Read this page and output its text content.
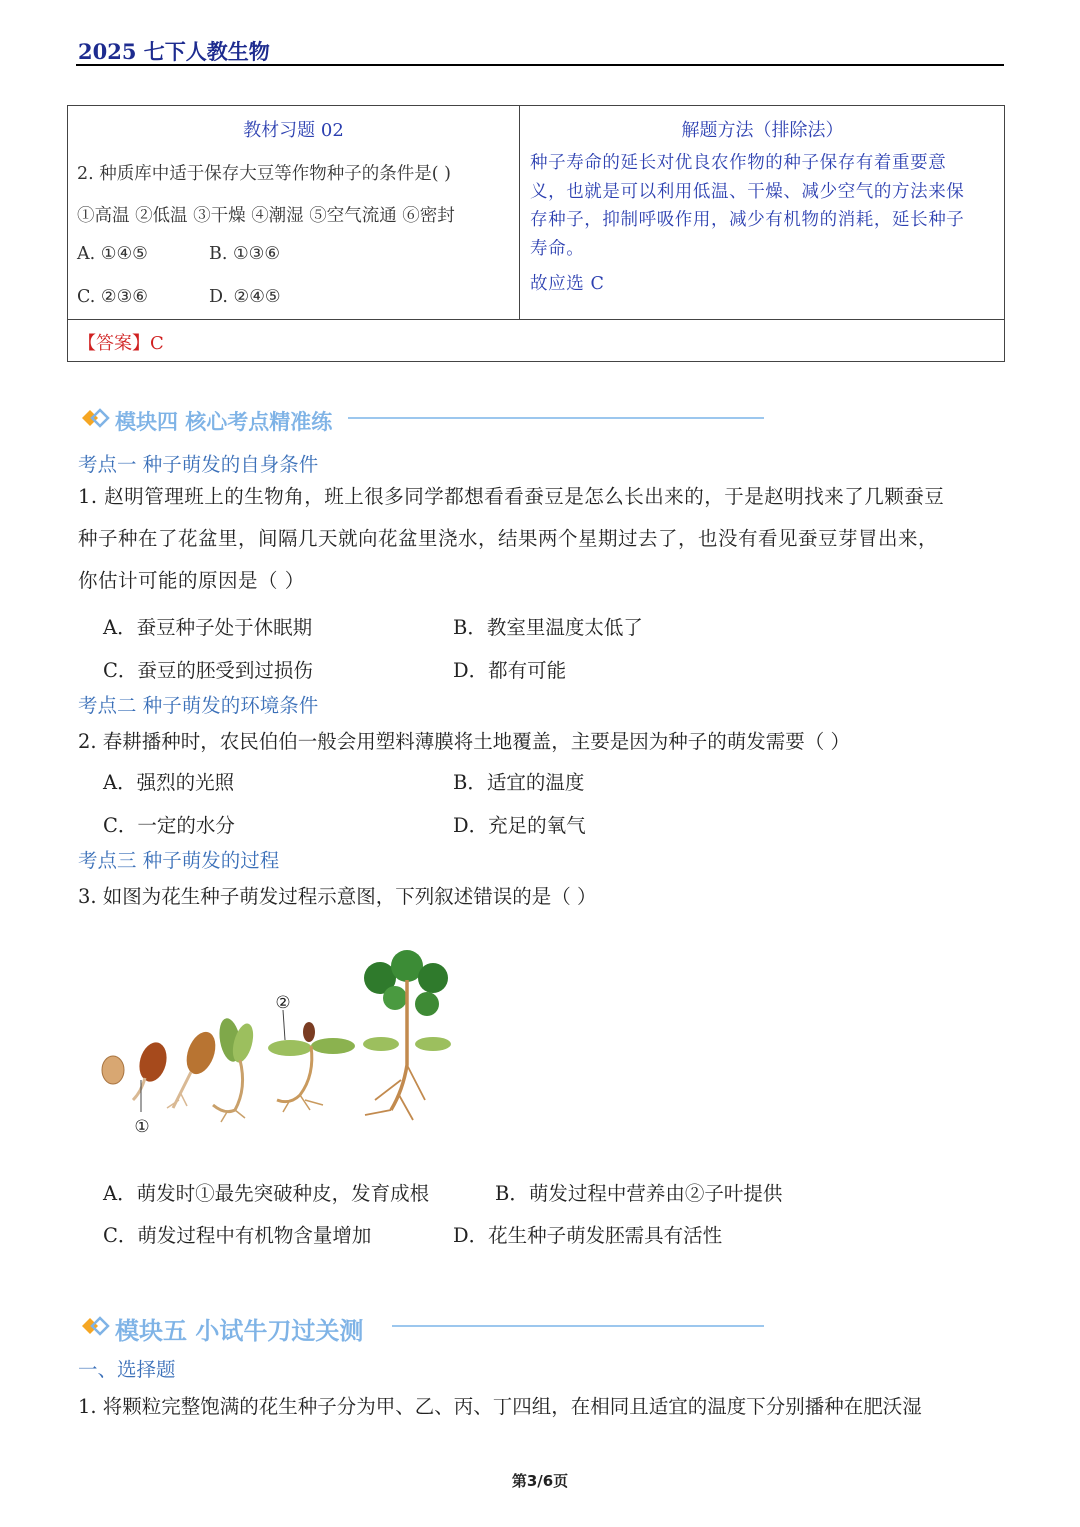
2025 七下人教生物
教材习题 02
2. 种质库中适于保存大豆等作物种子的条件是( )
①高温 ②低温 ③干燥 ④潮湿 ⑤空气流通 ⑥密封
A. ①④⑤	B. ①③⑥
C. ②③⑥	D. ②④⑤
解题方法（排除法）
种子寿命的延长对优良农作物的种子保存有着重要意
义，也就是可以利用低温、干燥、减少空气的方法来保
存种子，抑制呼吸作用，减少有机物的消耗，延长种子
寿命。
故应选 C
【答案】C
模块四 核心考点精准练
考点一 种子萌发的自身条件
1. 赵明管理班上的生物角，班上很多同学都想看看蚕豆是怎么长出来的，于是赵明找来了几颗蚕豆
种子种在了花盆里，间隔几天就向花盆里浇水，结果两个星期过去了，也没有看见蚕豆芽冒出来，
你估计可能的原因是（ ）
A．蚕豆种子处于休眠期	B．教室里温度太低了
C．蚕豆的胚受到过损伤	D．都有可能
考点二 种子萌发的环境条件
2. 春耕播种时，农民伯伯一般会用塑料薄膜将土地覆盖，主要是因为种子的萌发需要（ ）
A．强烈的光照	B．适宜的温度
C．一定的水分	D．充足的氧气
考点三 种子萌发的过程
3. 如图为花生种子萌发过程示意图，下列叙述错误的是（ ）
①
②
A．萌发时①最先突破种皮，发育成根	B．萌发过程中营养由②子叶提供
C．萌发过程中有机物含量增加	D．花生种子萌发胚需具有活性
模块五 小试牛刀过关测
一、选择题
1. 将颗粒完整饱满的花生种子分为甲、乙、丙、丁四组，在相同且适宜的温度下分别播种在肥沃湿
第3/6页
